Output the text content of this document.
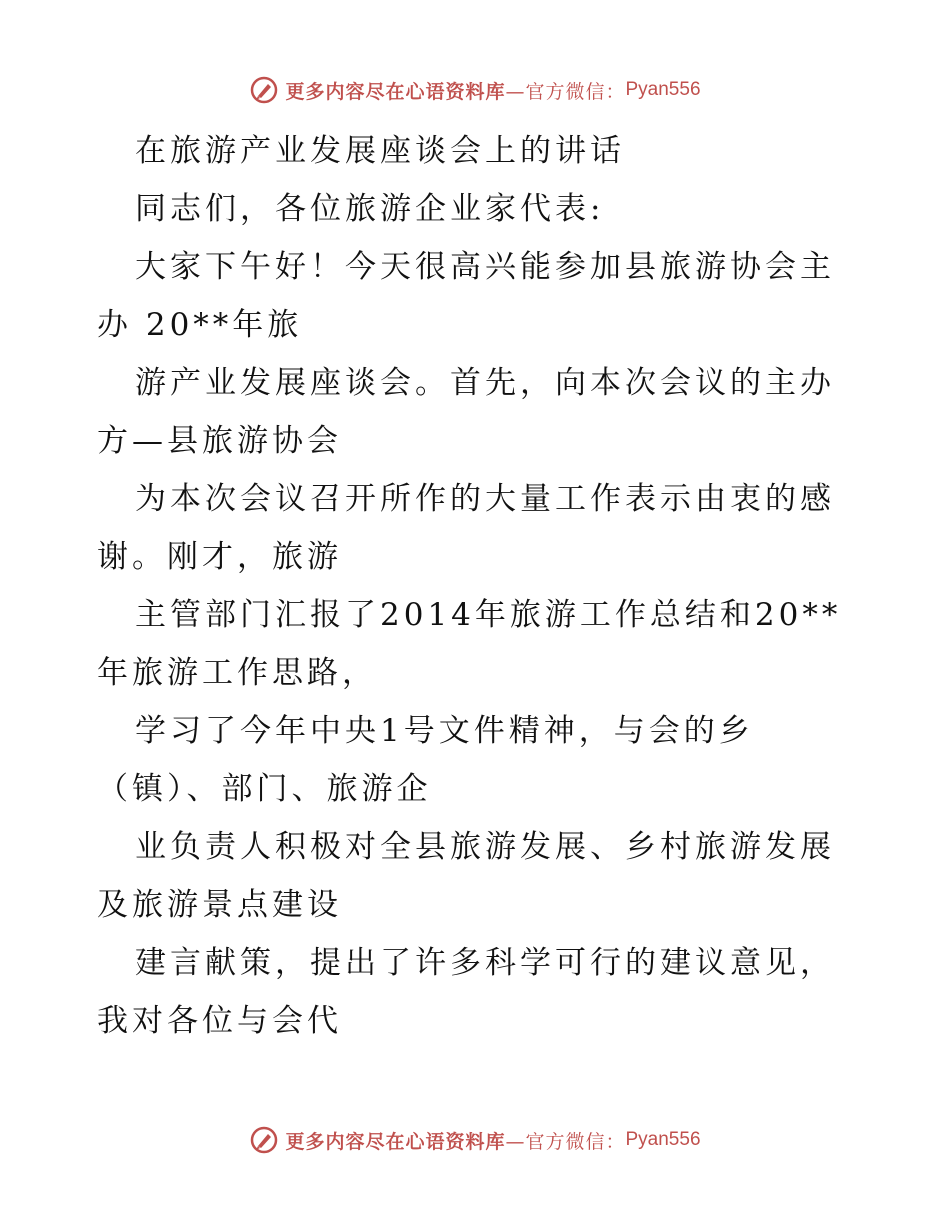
更多内容尽在心语资料库 —官方微信： Pyan556

在旅游产业发展座谈会上的讲话

同志们，各位旅游企业家代表:

大家下午好！今天很高兴能参加县旅游协会主办 20**年旅

游产业发展座谈会。首先，向本次会议的主办方—县旅游协会

为本次会议召开所作的大量工作表示由衷的感谢。刚才，旅游

主管部门汇报了2014年旅游工作总结和20**年旅游工作思路，

学习了今年中央1号文件精神，与会的乡（镇）、部门、旅游企

业负责人积极对全县旅游发展、乡村旅游发展及旅游景点建设

建言献策，提出了许多科学可行的建议意见，我对各位与会代

更多内容尽在心语资料库 —官方微信： Pyan556
